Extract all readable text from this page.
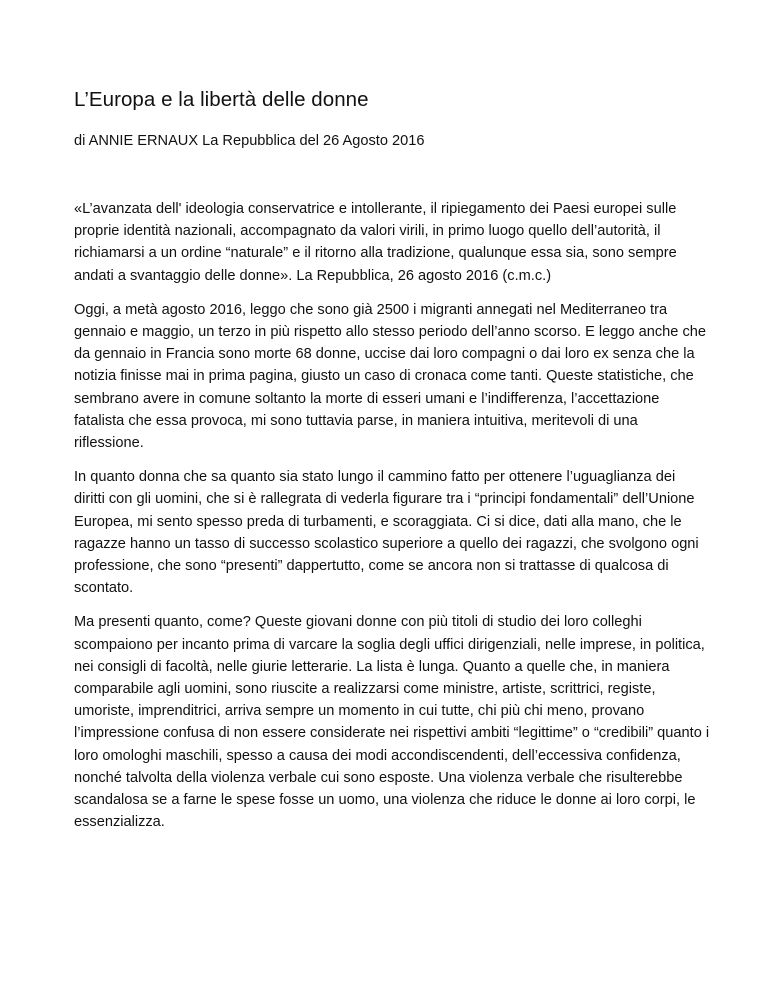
L’Europa e la libertà delle donne

di ANNIE ERNAUX La Repubblica del 26 Agosto 2016

«L’avanzata dell' ideologia conservatrice e intollerante, il ripiegamento dei Paesi europei sulle proprie identità nazionali, accompagnato da valori virili, in primo luogo quello dell’autorità, il richiamarsi a un ordine “naturale” e il ritorno alla tradizione, qualunque essa sia, sono sempre andati a svantaggio delle donne». La Repubblica, 26 agosto 2016 (c.m.c.)

Oggi, a metà agosto 2016, leggo che sono già 2500 i migranti annegati nel Mediterraneo tra gennaio e maggio, un terzo in più rispetto allo stesso periodo dell’anno scorso. E leggo anche che da gennaio in Francia sono morte 68 donne, uccise dai loro compagni o dai loro ex senza che la notizia finisse mai in prima pagina, giusto un caso di cronaca come tanti. Queste statistiche, che sembrano avere in comune soltanto la morte di esseri umani e l’indifferenza, l’accettazione fatalista che essa provoca, mi sono tuttavia parse, in maniera intuitiva, meritevoli di una riflessione.

In quanto donna che sa quanto sia stato lungo il cammino fatto per ottenere l’uguaglianza dei diritti con gli uomini, che si è rallegrata di vederla figurare tra i “principi fondamentali” dell’Unione Europea, mi sento spesso preda di turbamenti, e scoraggiata. Ci si dice, dati alla mano, che le ragazze hanno un tasso di successo scolastico superiore a quello dei ragazzi, che svolgono ogni professione, che sono “presenti” dappertutto, come se ancora non si trattasse di qualcosa di scontato.

Ma presenti quanto, come? Queste giovani donne con più titoli di studio dei loro colleghi scompaiono per incanto prima di varcare la soglia degli uffici dirigenziali, nelle imprese, in politica, nei consigli di facoltà, nelle giurie letterarie. La lista è lunga. Quanto a quelle che, in maniera comparabile agli uomini, sono riuscite a realizzarsi come ministre, artiste, scrittrici, registe, umoriste, imprenditrici, arriva sempre un momento in cui tutte, chi più chi meno, provano l’impressione confusa di non essere considerate nei rispettivi ambiti “legittime” o “credibili” quanto i loro omologhi maschili, spesso a causa dei modi accondiscendenti, dell’eccessiva confidenza, nonché talvolta della violenza verbale cui sono esposte. Una violenza verbale che risulterebbe scandalosa se a farne le spese fosse un uomo, una violenza che riduce le donne ai loro corpi, le essenzializza.
